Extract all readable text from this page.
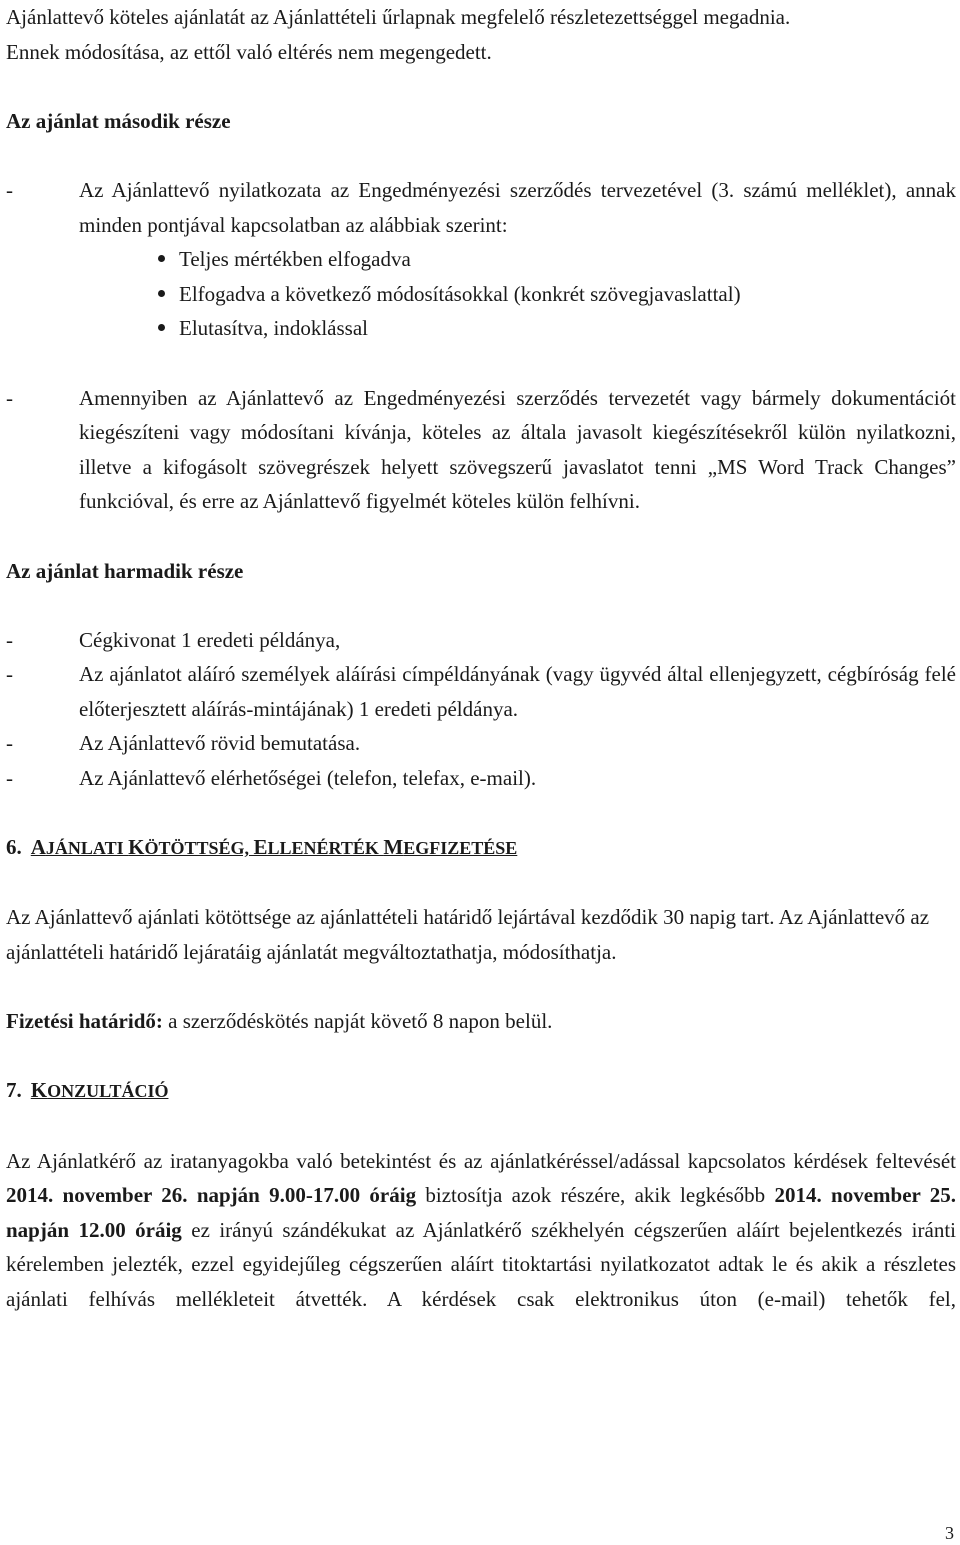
Ajánlattevő köteles ajánlatát az Ajánlattételi űrlapnak megfelelő részletezettséggel megadnia.

Ennek módosítása, az ettől való eltérés nem megengedett.

Az ajánlat második része

-	Az Ajánlattevő nyilatkozata az Engedményezési szerződés tervezetével (3. számú melléklet), annak minden pontjával kapcsolatban az alábbiak szerint:

Teljes mértékben elfogadva
Elfogadva a következő módosításokkal (konkrét szövegjavaslattal)
Elutasítva, indoklással
-	Amennyiben az Ajánlattevő az Engedményezési szerződés tervezetét vagy bármely dokumentációt kiegészíteni vagy módosítani kívánja, köteles az általa javasolt kiegészítésekről külön nyilatkozni, illetve a kifogásolt szövegrészek helyett szövegszerű javaslatot tenni „MS Word Track Changes” funkcióval, és erre az Ajánlattevő figyelmét köteles külön felhívni.

Az ajánlat harmadik része

-	Cégkivonat 1 eredeti példánya,

-	Az ajánlatot aláíró személyek aláírási címpéldányának (vagy ügyvéd által ellenjegyzett, cégbíróság felé előterjesztett aláírás-mintájának) 1 eredeti példánya.

-	Az Ajánlattevő rövid bemutatása.

-	Az Ajánlattevő elérhetőségei (telefon, telefax, e-mail).

6. AJÁNLATI KÖTÖTTSÉG, ELLENÉRTÉK MEGFIZETÉSE

Az Ajánlattevő ajánlati kötöttsége az ajánlattételi határidő lejártával kezdődik 30 napig tart. Az Ajánlattevő az ajánlattételi határidő lejáratáig ajánlatát megváltoztathatja, módosíthatja.

Fizetési határidő: a szerződéskötés napját követő 8 napon belül.

7. KONZULTÁCIÓ

Az Ajánlatkérő az iratanyagokba való betekintést és az ajánlatkéréssel/adással kapcsolatos kérdések feltevését 2014. november 26. napján 9.00-17.00 óráig biztosítja azok részére, akik legkésőbb 2014. november 25. napján 12.00 óráig ez irányú szándékukat az Ajánlatkérő székhelyén cégszerűen aláírt bejelentkezés iránti kérelemben jelezték, ezzel egyidejűleg cégszerűen aláírt titoktartási nyilatkozatot adtak le és akik a részletes ajánlati felhívás mellékleteit átvették. A kérdések csak elektronikus úton (e-mail) tehetők fel,

3
